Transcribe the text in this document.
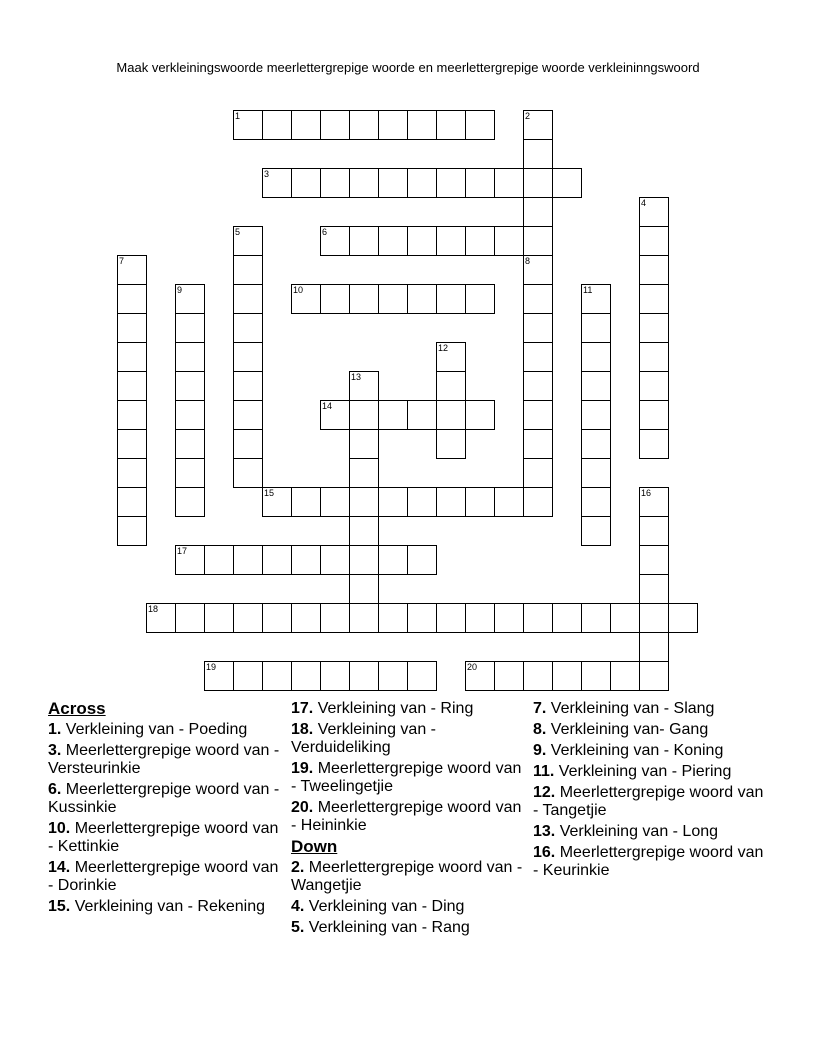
Maak verkleiningswoorde meerlettergrepige woorde en meerlettergrepige woorde verkleininngswoord
1	2
3
4
5	6
7	8
9	10	11
12
13
14
15	16
17
18
19	20
Across
1. Verkleining van - Poeding
3. Meerlettergrepige woord van - Versteurinkie
6. Meerlettergrepige woord van - Kussinkie
10. Meerlettergrepige woord van - Kettinkie
14. Meerlettergrepige woord van - Dorinkie
15. Verkleining van - Rekening
17. Verkleining van - Ring
18. Verkleining van - Verduideliking
19. Meerlettergrepige woord van - Tweelingetjie
20. Meerlettergrepige woord van - Heininkie
Down
2. Meerlettergrepige woord van - Wangetjie
4. Verkleining van - Ding
5. Verkleining van - Rang
7. Verkleining van - Slang
8. Verkleining van- Gang
9. Verkleining van - Koning
11. Verkleining van - Piering
12. Meerlettergrepige woord van - Tangetjie
13. Verkleining van - Long
16. Meerlettergrepige woord van - Keurinkie
